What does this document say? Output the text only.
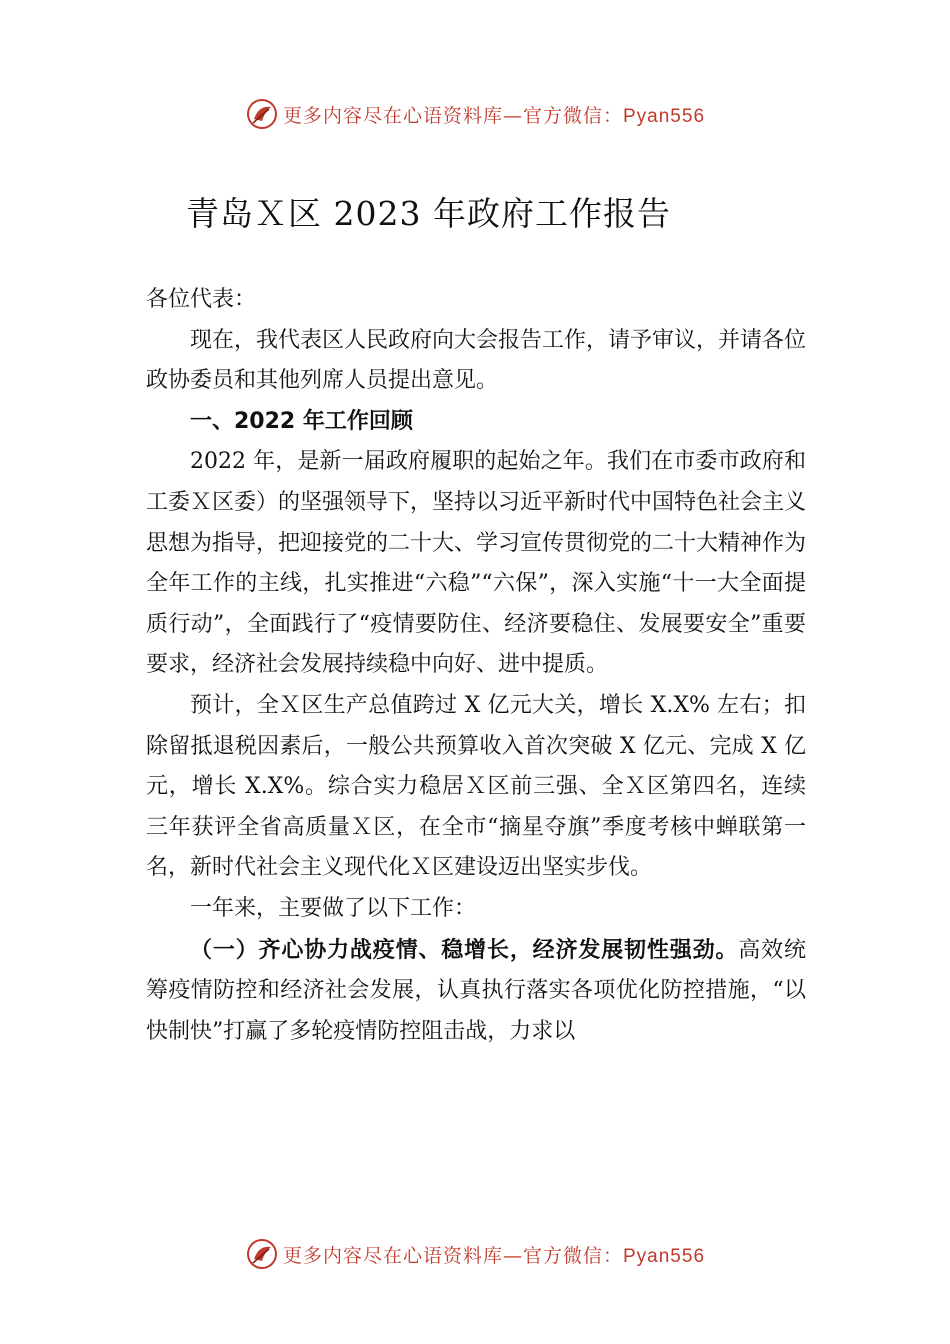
更多内容尽在心语资料库—官方微信：Pyan556
青岛Ｘ区 2023 年政府工作报告

各位代表：

现在，我代表区人民政府向大会报告工作，请予审议，并请各位政协委员和其他列席人员提出意见。

一、2022 年工作回顾

2022 年，是新一届政府履职的起始之年。我们在市委市政府和工委Ｘ区委）的坚强领导下，坚持以习近平新时代中国特色社会主义思想为指导，把迎接党的二十大、学习宣传贯彻党的二十大精神作为全年工作的主线，扎实推进“六稳”“六保”，深入实施“十一大全面提质行动”，全面践行了“疫情要防住、经济要稳住、发展要安全”重要要求，经济社会发展持续稳中向好、进中提质。

预计，全Ｘ区生产总值跨过 X 亿元大关，增长 X.X% 左右；扣除留抵退税因素后，一般公共预算收入首次突破 X 亿元、完成 X 亿元，增长 X.X%。综合实力稳居Ｘ区前三强、全Ｘ区第四名，连续三年获评全省高质量Ｘ区，在全市“摘星夺旗”季度考核中蝉联第一名，新时代社会主义现代化Ｘ区建设迈出坚实步伐。

一年来，主要做了以下工作：

（一）齐心协力战疫情、稳增长，经济发展韧性强劲。高效统筹疫情防控和经济社会发展，认真执行落实各项优化防控措施，“以快制快”打赢了多轮疫情防控阻击战，力求以

更多内容尽在心语资料库—官方微信：Pyan556
